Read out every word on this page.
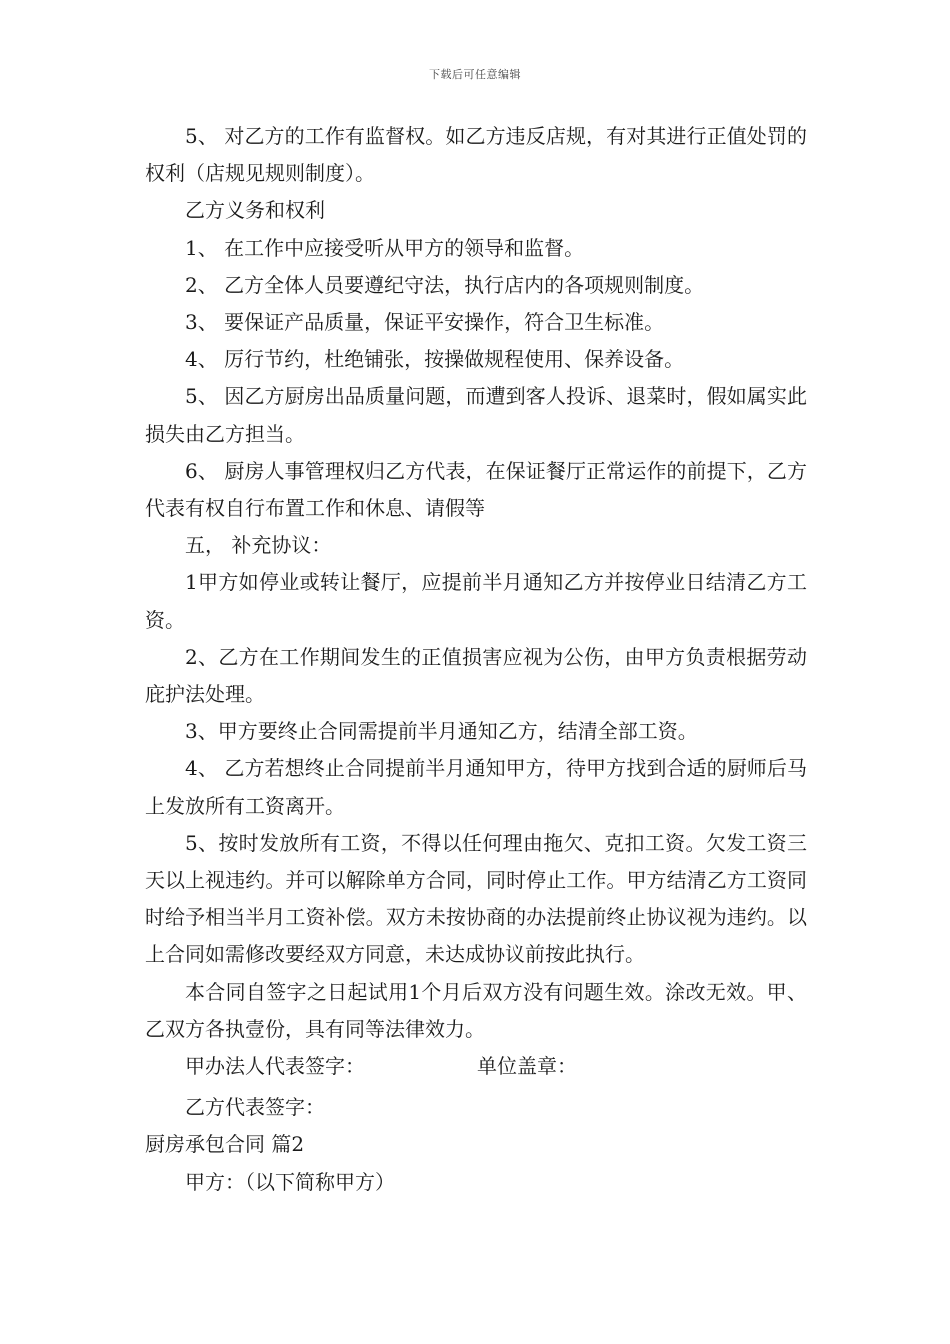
下载后可任意编辑

5、 对乙方的工作有监督权。如乙方违反店规，有对其进行正值处罚的权利（店规见规则制度）。

乙方义务和权利

1、 在工作中应接受听从甲方的领导和监督。

2、 乙方全体人员要遵纪守法，执行店内的各项规则制度。

3、 要保证产品质量，保证平安操作，符合卫生标准。

4、 厉行节约，杜绝铺张，按操做规程使用、保养设备。

5、 因乙方厨房出品质量问题，而遭到客人投诉、退菜时，假如属实此损失由乙方担当。

6、 厨房人事管理权归乙方代表，在保证餐厅正常运作的前提下，乙方代表有权自行布置工作和休息、请假等

五， 补充协议：

1甲方如停业或转让餐厅，应提前半月通知乙方并按停业日结清乙方工资。

2、乙方在工作期间发生的正值损害应视为公伤，由甲方负责根据劳动庇护法处理。

3、甲方要终止合同需提前半月通知乙方，结清全部工资。

4、 乙方若想终止合同提前半月通知甲方，待甲方找到合适的厨师后马上发放所有工资离开。

5、按时发放所有工资，不得以任何理由拖欠、克扣工资。欠发工资三天以上视违约。并可以解除单方合同，同时停止工作。甲方结清乙方工资同时给予相当半月工资补偿。双方未按协商的办法提前终止协议视为违约。以上合同如需修改要经双方同意，未达成协议前按此执行。

本合同自签字之日起试用1个月后双方没有问题生效。涂改无效。甲、乙双方各执壹份，具有同等法律效力。

甲办法人代表签字：	单位盖章：

乙方代表签字：

厨房承包合同 篇2

甲方：（以下简称甲方）
